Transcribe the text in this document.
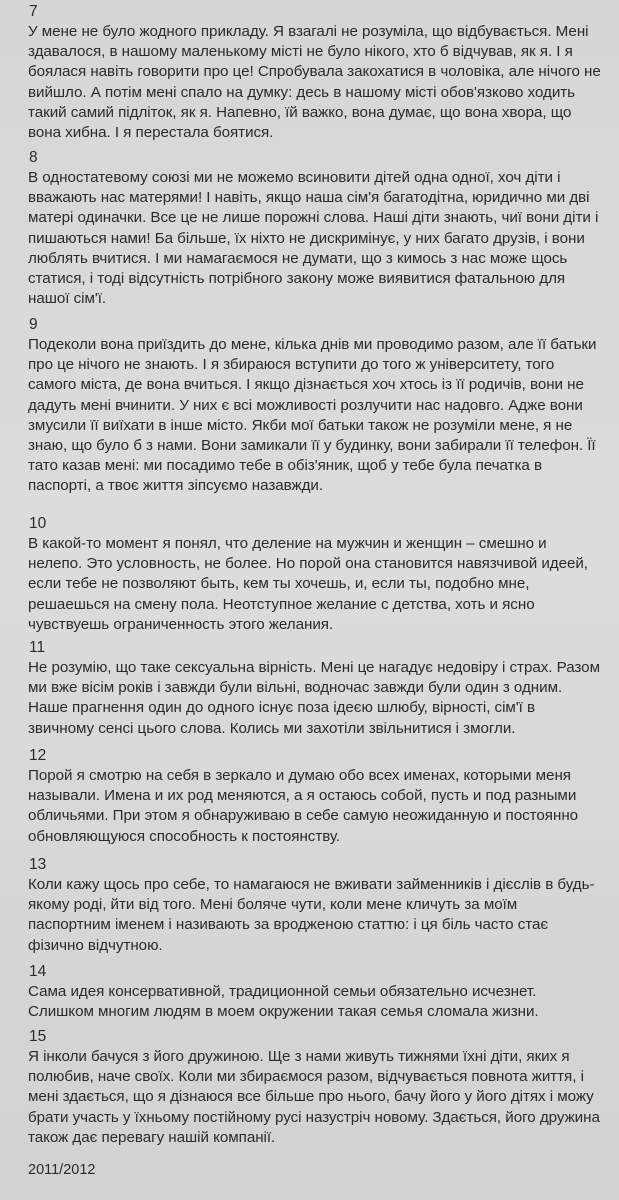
7

У мене не було жодного прикладу. Я взагалі не розуміла, що відбувається. Мені здавалося, в нашому маленькому місті не було нікого, хто б відчував, як я. І я боялася навіть говорити про це! Спробувала закохатися в чоловіка, але нічого не вийшло. А потім мені спало на думку: десь в нашому місті обов'язково ходить такий самий підліток, як я. Напевно, їй важко, вона думає, що вона хвора, що вона хибна. І я перестала боятися.

8

В одностатевому союзі ми не можемо всиновити дітей одна одної, хоч діти і вважають нас матерями! І навіть, якщо наша сім'я багатодітна, юридично ми дві матері одиначки. Все це не лише порожні слова. Наші діти знають, чиї вони діти і пишаються нами! Ба більше, їх ніхто не дискримінує, у них багато друзів, і вони люблять вчитися. І ми намагаємося не думати, що з кимось з нас може щось статися, і тоді відсутність потрібного закону може виявитися фатальною для нашої сім'ї.

9

Подеколи вона приїздить до мене, кілька днів ми проводимо разом, але її батьки про це нічого не знають. І я збираюся вступити до того ж університету, того самого міста, де вона вчиться. І якщо дізнається хоч хтось із її родичів, вони не дадуть мені вчинити. У них є всі можливості розлучити нас надовго. Адже вони змусили її виїхати в інше місто. Якби мої батьки також не розуміли мене, я не знаю, що було б з нами. Вони замикали її у будинку, вони забирали її телефон. Її тато казав мені: ми посадимо тебе в обіз'яник, щоб у тебе була печатка в паспорті, а твоє життя зіпсуємо назавжди.

10

В какой-то момент я понял, что деление на мужчин и женщин – смешно и нелепо. Это условность, не более. Но порой она становится навязчивой идеей, если тебе не позволяют быть, кем ты хочешь, и, если ты, подобно мне, решаешься на смену пола. Неотступное желание с детства, хоть и ясно чувствуешь ограниченность этого желания.

11

Не розумію, що таке сексуальна вірність. Мені це нагадує недовіру і страх. Разом ми вже вісім років і завжди були вільні, водночас завжди були один з одним. Наше прагнення один до одного існує поза ідеєю шлюбу, вірності, сім'ї в звичному сенсі цього слова. Колись ми захотіли звільнитися і змогли.

12

Порой я смотрю на себя в зеркало и думаю обо всех именах, которыми меня называли. Имена и их род меняются, а я остаюсь собой, пусть и под разными обличьями. При этом я обнаруживаю в себе самую неожиданную и постоянно обновляющуюся способность к постоянству.

13

Коли кажу щось про себе, то намагаюся не вживати займенників і дієслів в будь-якому роді, йти від того. Мені боляче чути, коли мене кличуть за моїм паспортним іменем і називають за вродженою статтю: і ця біль часто стає фізично відчутною.

14

Сама идея консервативной, традиционной семьи обязательно исчезнет. Слишком многим людям в моем окружении такая семья сломала жизни.

15

Я інколи бачуся з його дружиною. Ще з нами живуть тижнями їхні діти, яких я полюбив, наче своїх. Коли ми збираємося разом, відчувається повнота життя, і мені здається, що я дізнаюся все більше про нього, бачу його у його дітях і можу брати участь у їхньому постійному русі назустріч новому. Здається, його дружина також дає перевагу нашій компанії.

2011/2012
